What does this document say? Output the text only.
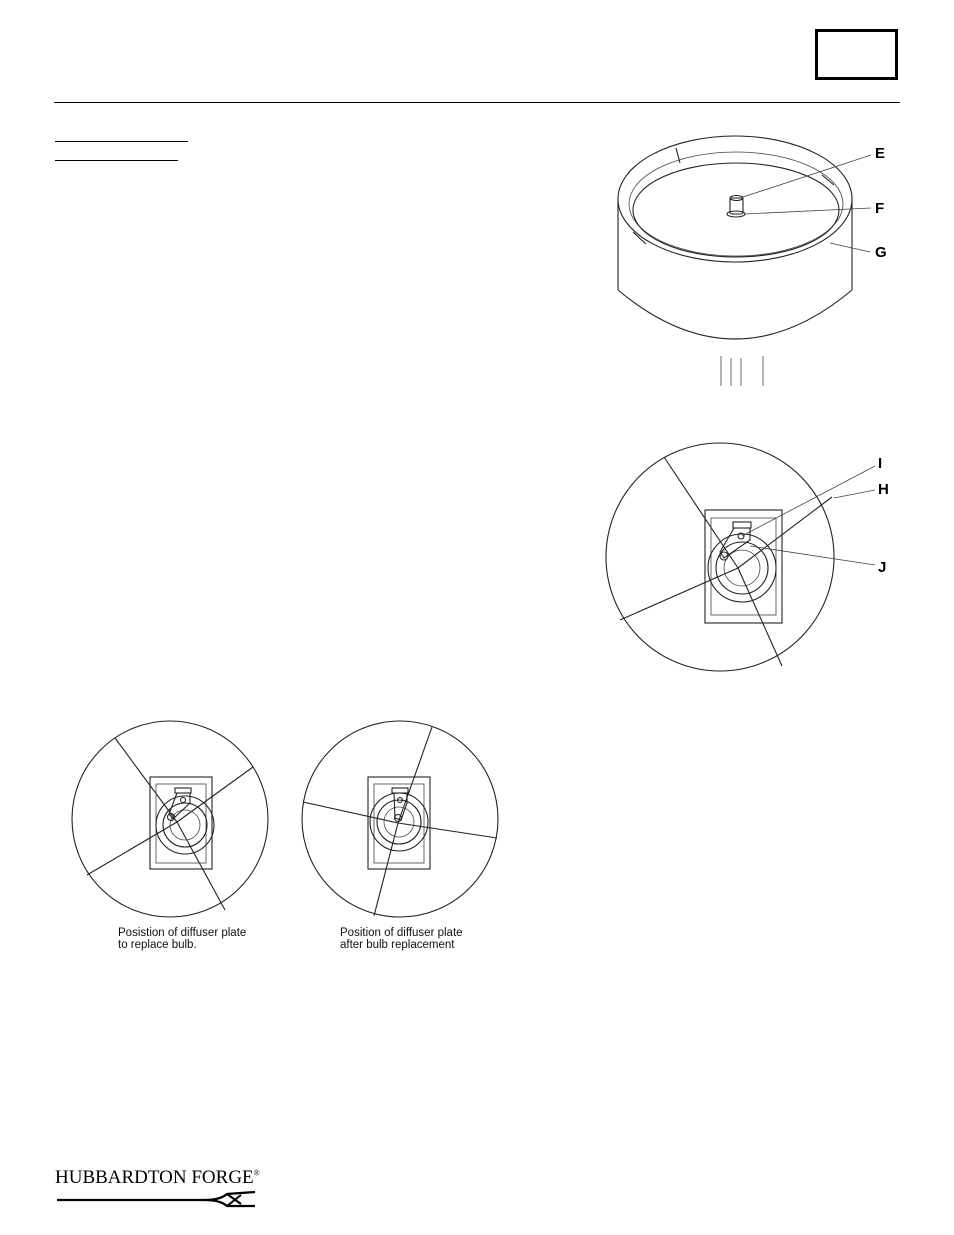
E
F
G
I
H
J
Posistion of diffuser plate
to replace bulb.
Position of diffuser plate
after bulb replacement
HUBBARDTON FORGE®
